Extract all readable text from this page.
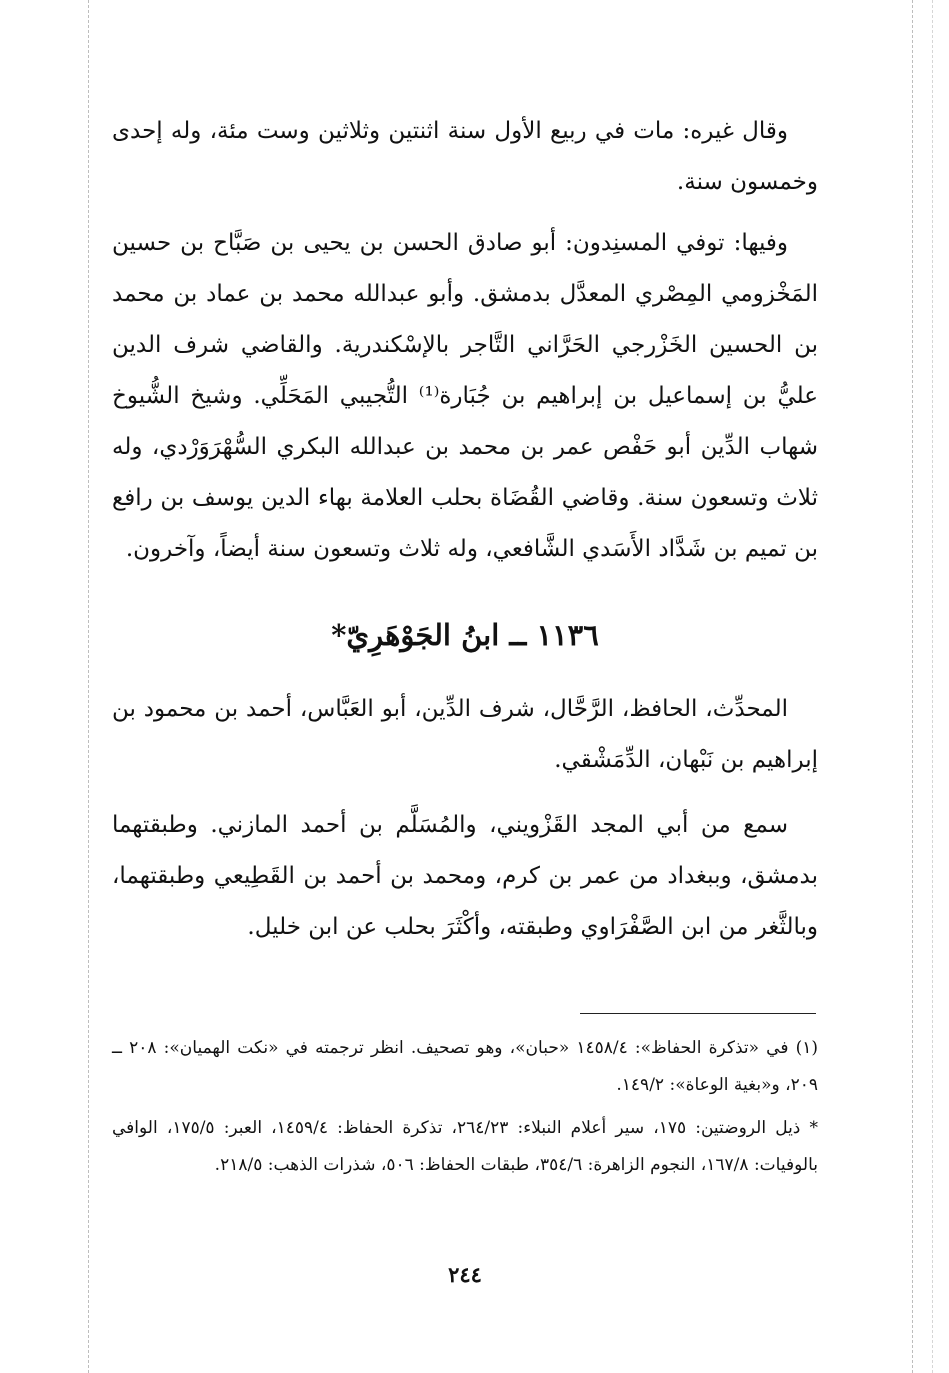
وقال غيره: مات في ربيع الأول سنة اثنتين وثلاثين وست مئة، وله إحدى وخمسون سنة.

وفيها: توفي المسنِدون: أبو صادق الحسن بن يحيى بن صَبَّاح بن حسين المَخْزومي المِصْري المعدَّل بدمشق. وأبو عبدالله محمد بن عماد بن محمد بن الحسين الخَزْرجي الحَرَّاني التَّاجر بالإسْكندرية. والقاضي شرف الدين عليُّ بن إسماعيل بن إبراهيم بن جُبَارة⁽¹⁾ التُّجيبي المَحَلِّي. وشيخ الشُّيوخ شهاب الدِّين أبو حَفْص عمر بن محمد بن عبدالله البكري السُّهْرَوَرْدي، وله ثلاث وتسعون سنة. وقاضي القُضَاة بحلب العلامة بهاء الدين يوسف بن رافع بن تميم بن شَدَّاد الأَسَدي الشَّافعي، وله ثلاث وتسعون سنة أيضاً، وآخرون.

١١٣٦ ــ ابنُ الجَوْهَرِيّ*

المحدِّث، الحافظ، الرَّحَّال، شرف الدِّين، أبو العَبَّاس، أحمد بن محمود بن إبراهيم بن نَبْهان، الدِّمَشْقي.

سمع من أبي المجد القَزْويني، والمُسَلَّم بن أحمد المازني. وطبقتهما بدمشق، وببغداد من عمر بن كرم، ومحمد بن أحمد بن القَطِيعي وطبقتهما، وبالثَّغر من ابن الصَّفْرَاوي وطبقته، وأكْثَرَ بحلب عن ابن خليل.

(١) في «تذكرة الحفاظ»: ١٤٥٨/٤ «حبان»، وهو تصحيف. انظر ترجمته في «نكت الهميان»: ٢٠٨ ــ ٢٠٩، و«بغية الوعاة»: ١٤٩/٢.

* ذيل الروضتين: ١٧٥، سير أعلام النبلاء: ٢٦٤/٢٣، تذكرة الحفاظ: ١٤٥٩/٤، العبر: ١٧٥/٥، الوافي بالوفيات: ١٦٧/٨، النجوم الزاهرة: ٣٥٤/٦، طبقات الحفاظ: ٥٠٦، شذرات الذهب: ٢١٨/٥.

٢٤٤
